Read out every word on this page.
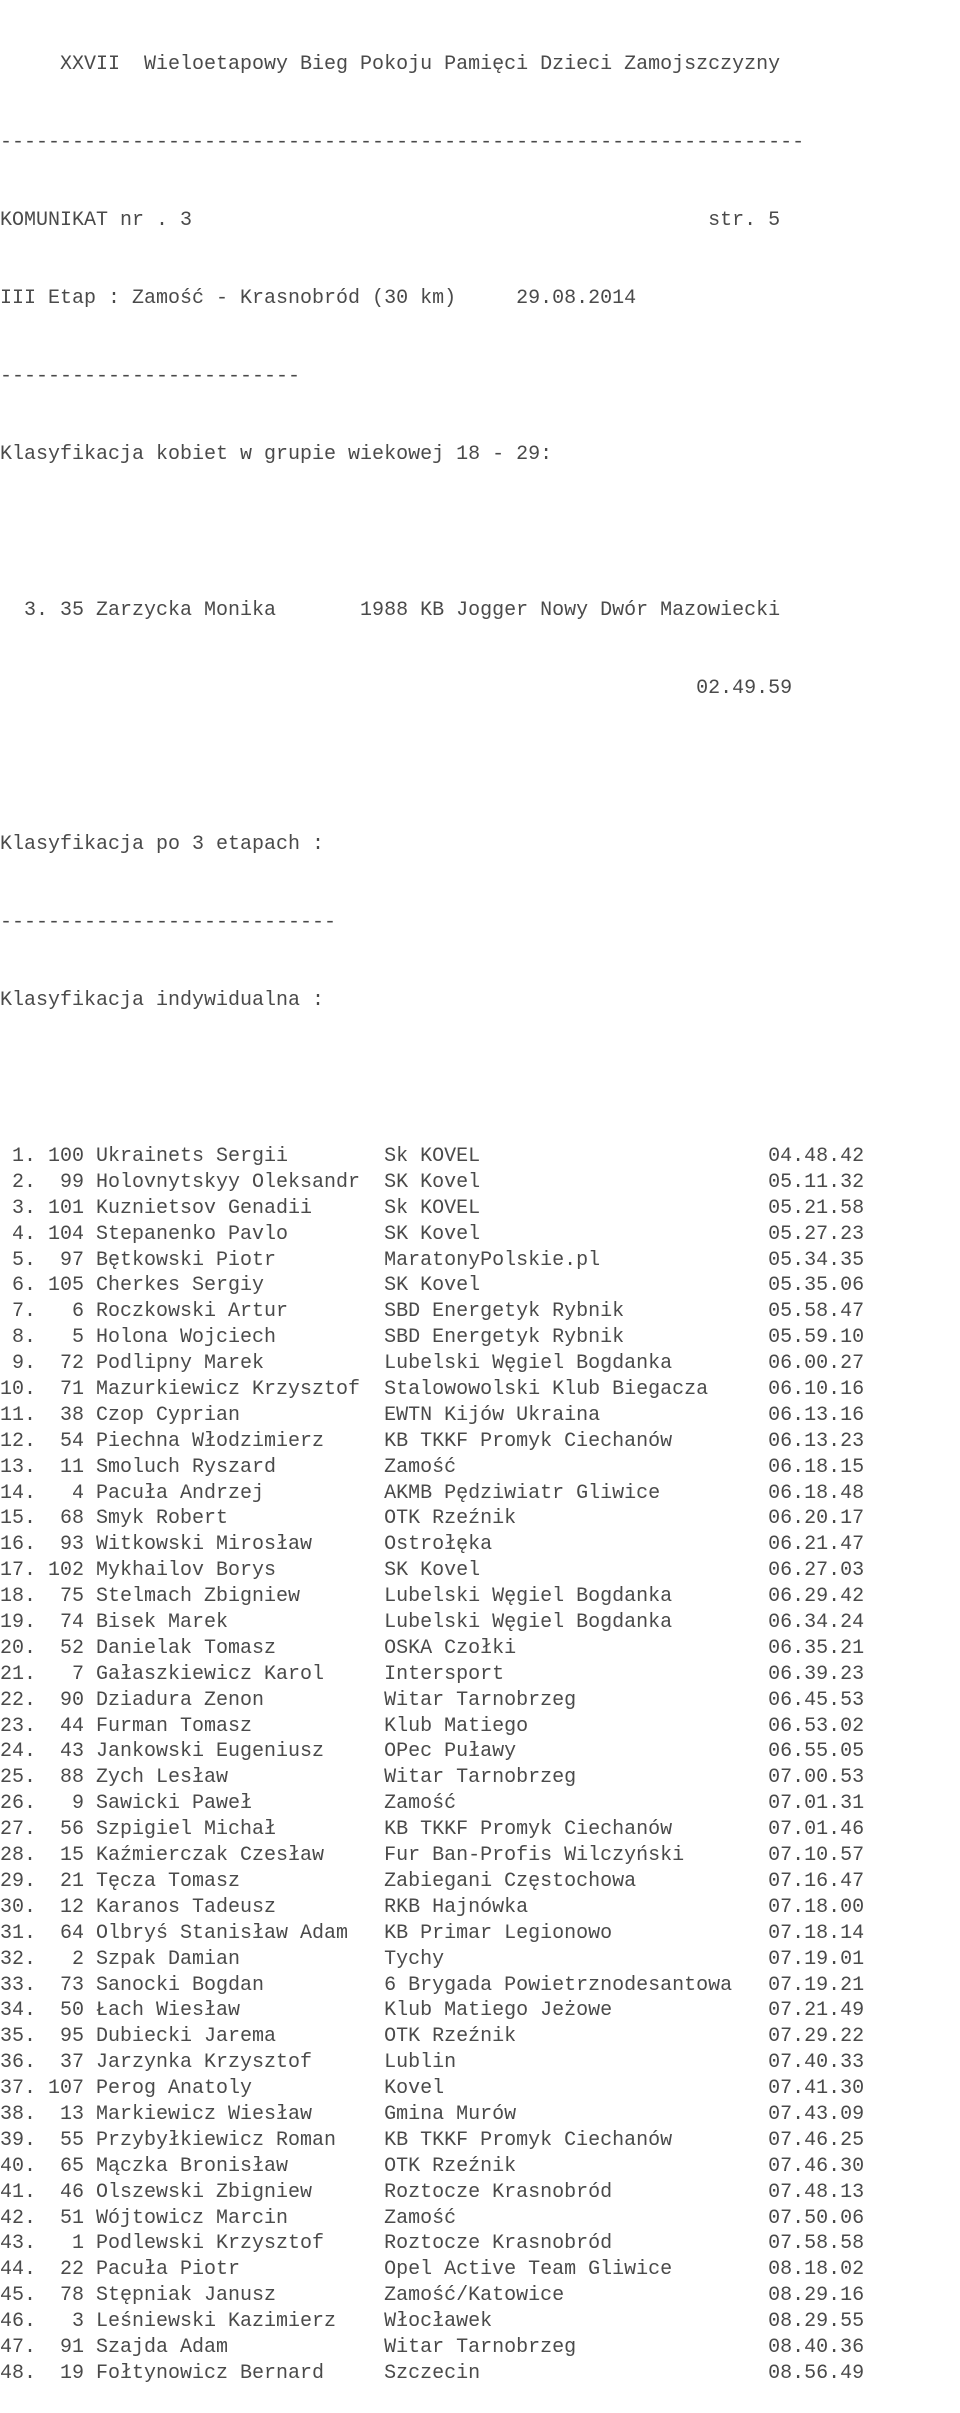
XXVII  Wieloetapowy Bieg Pokoju Pamięci Dzieci Zamojszczyzny

-------------------------------------------------------------------

KOMUNIKAT nr . 3                                           str. 5

III Etap : Zamość - Krasnobród (30 km)     29.08.2014

-------------------------

Klasyfikacja kobiet w grupie wiekowej 18 - 29:

3. 35 Zarzycka Monika       1988 KB Jogger Nowy Dwór Mazowiecki

02.49.59

Klasyfikacja po 3 etapach :

----------------------------

Klasyfikacja indywidualna :

1. 100 Ukrainets Sergii        Sk KOVEL                        04.48.42
2.  99 Holovnytskyy Oleksandr  SK Kovel                        05.11.32
3. 101 Kuznietsov Genadii      Sk KOVEL                        05.21.58
4. 104 Stepanenko Pavlo        SK Kovel                        05.27.23
5.  97 Bętkowski Piotr         MaratonyPolskie.pl              05.34.35
6. 105 Cherkes Sergiy          SK Kovel                        05.35.06
7.   6 Roczkowski Artur        SBD Energetyk Rybnik            05.58.47
8.   5 Holona Wojciech         SBD Energetyk Rybnik            05.59.10
9.  72 Podlipny Marek          Lubelski Węgiel Bogdanka        06.00.27
10.  71 Mazurkiewicz Krzysztof  Stalowowolski Klub Biegacza     06.10.16
11.  38 Czop Cyprian            EWTN Kijów Ukraina              06.13.16
12.  54 Piechna Włodzimierz     KB TKKF Promyk Ciechanów        06.13.23
13.  11 Smoluch Ryszard         Zamość                          06.18.15
14.   4 Pacuła Andrzej          AKMB Pędziwiatr Gliwice         06.18.48
15.  68 Smyk Robert             OTK Rzeźnik                     06.20.17
16.  93 Witkowski Mirosław      Ostrołęka                       06.21.47
17. 102 Mykhailov Borys         SK Kovel                        06.27.03
18.  75 Stelmach Zbigniew       Lubelski Węgiel Bogdanka        06.29.42
19.  74 Bisek Marek             Lubelski Węgiel Bogdanka        06.34.24
20.  52 Danielak Tomasz         OSKA Czołki                     06.35.21
21.   7 Gałaszkiewicz Karol     Intersport                      06.39.23
22.  90 Dziadura Zenon          Witar Tarnobrzeg                06.45.53
23.  44 Furman Tomasz           Klub Matiego                    06.53.02
24.  43 Jankowski Eugeniusz     OPec Puławy                     06.55.05
25.  88 Zych Lesław             Witar Tarnobrzeg                07.00.53
26.   9 Sawicki Paweł           Zamość                          07.01.31
27.  56 Szpigiel Michał         KB TKKF Promyk Ciechanów        07.01.46
28.  15 Kaźmierczak Czesław     Fur Ban-Profis Wilczyński       07.10.57
29.  21 Tęcza Tomasz            Zabiegani Częstochowa           07.16.47
30.  12 Karanos Tadeusz         RKB Hajnówka                    07.18.00
31.  64 Olbryś Stanisław Adam   KB Primar Legionowo             07.18.14
32.   2 Szpak Damian            Tychy                           07.19.01
33.  73 Sanocki Bogdan          6 Brygada Powietrznodesantowa   07.19.21
34.  50 Łach Wiesław            Klub Matiego Jeżowe             07.21.49
35.  95 Dubiecki Jarema         OTK Rzeźnik                     07.29.22
36.  37 Jarzynka Krzysztof      Lublin                          07.40.33
37. 107 Perog Anatoly           Kovel                           07.41.30
38.  13 Markiewicz Wiesław      Gmina Murów                     07.43.09
39.  55 Przybyłkiewicz Roman    KB TKKF Promyk Ciechanów        07.46.25
40.  65 Mączka Bronisław        OTK Rzeźnik                     07.46.30
41.  46 Olszewski Zbigniew      Roztocze Krasnobród             07.48.13
42.  51 Wójtowicz Marcin        Zamość                          07.50.06
43.   1 Podlewski Krzysztof     Roztocze Krasnobród             07.58.58
44.  22 Pacuła Piotr            Opel Active Team Gliwice        08.18.02
45.  78 Stępniak Janusz         Zamość/Katowice                 08.29.16
46.   3 Leśniewski Kazimierz    Włocławek                       08.29.55
47.  91 Szajda Adam             Witar Tarnobrzeg                08.40.36
48.  19 Fołtynowicz Bernard     Szczecin                        08.56.49
